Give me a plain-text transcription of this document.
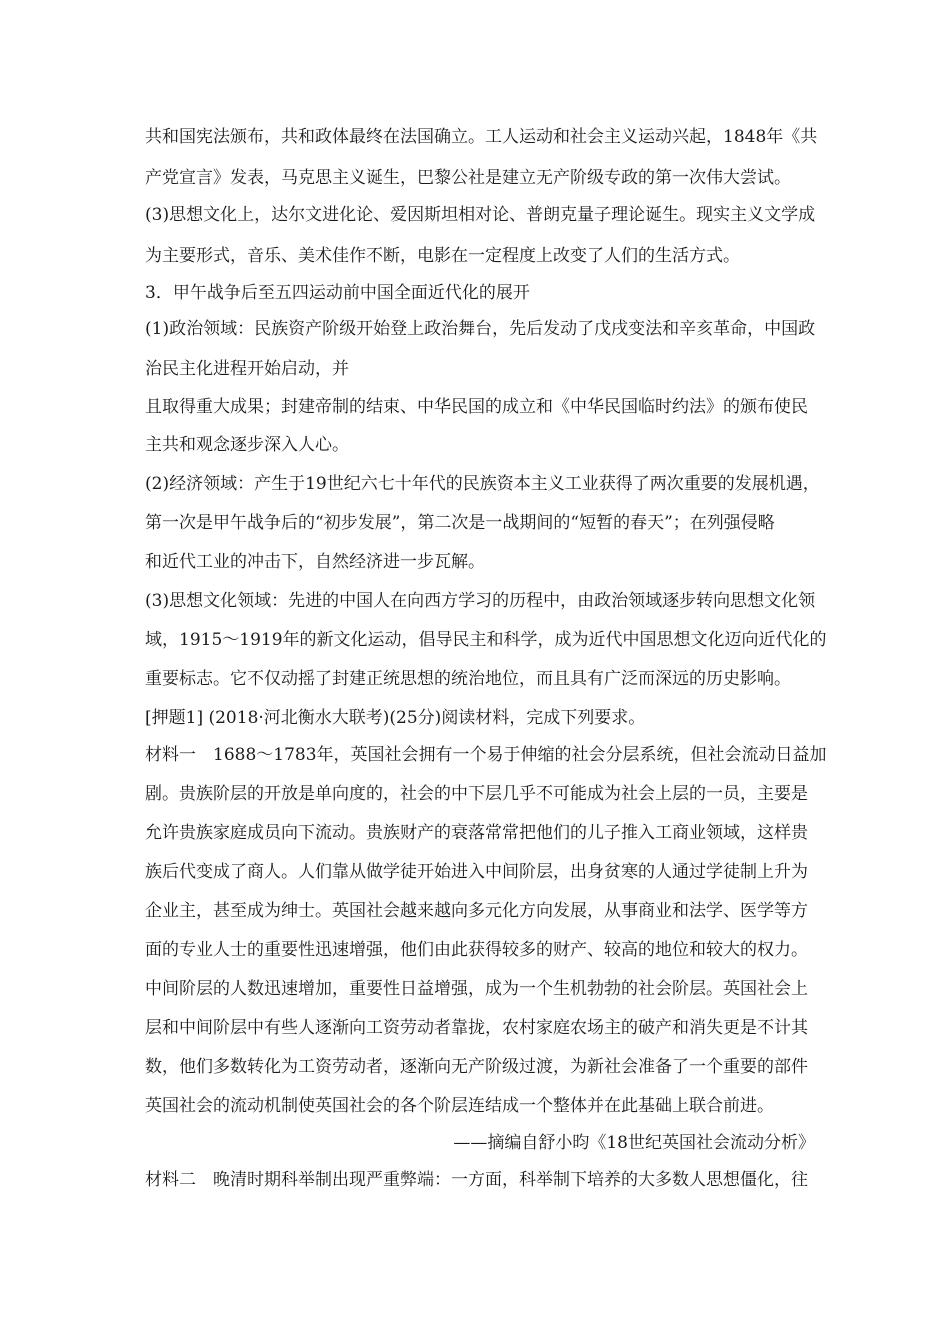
共和国宪法颁布，共和政体最终在法国确立。工人运动和社会主义运动兴起，1848年《共
产党宣言》发表，马克思主义诞生，巴黎公社是建立无产阶级专政的第一次伟大尝试。
(3)思想文化上，达尔文进化论、爱因斯坦相对论、普朗克量子理论诞生。现实主义文学成
为主要形式，音乐、美术佳作不断，电影在一定程度上改变了人们的生活方式。
3．甲午战争后至五四运动前中国全面近代化的展开
(1)政治领域：民族资产阶级开始登上政治舞台，先后发动了戊戌变法和辛亥革命，中国政
治民主化进程开始启动，并
且取得重大成果；封建帝制的结束、中华民国的成立和《中华民国临时约法》的颁布使民
主共和观念逐步深入人心。
(2)经济领域：产生于19世纪六七十年代的民族资本主义工业获得了两次重要的发展机遇，
第一次是甲午战争后的“初步发展”，第二次是一战期间的“短暂的春天”；在列强侵略
和近代工业的冲击下，自然经济进一步瓦解。
(3)思想文化领域：先进的中国人在向西方学习的历程中，由政治领域逐步转向思想文化领
域，1915～1919年的新文化运动，倡导民主和科学，成为近代中国思想文化迈向近代化的
重要标志。它不仅动摇了封建正统思想的统治地位，而且具有广泛而深远的历史影响。
[押题1] (2018·河北衡水大联考)(25分)阅读材料，完成下列要求。
材料一　1688～1783年，英国社会拥有一个易于伸缩的社会分层系统，但社会流动日益加
剧。贵族阶层的开放是单向度的，社会的中下层几乎不可能成为社会上层的一员，主要是
允许贵族家庭成员向下流动。贵族财产的衰落常常把他们的儿子推入工商业领域，这样贵
族后代变成了商人。人们靠从做学徒开始进入中间阶层，出身贫寒的人通过学徒制上升为
企业主，甚至成为绅士。英国社会越来越向多元化方向发展，从事商业和法学、医学等方
面的专业人士的重要性迅速增强，他们由此获得较多的财产、较高的地位和较大的权力。
中间阶层的人数迅速增加，重要性日益增强，成为一个生机勃勃的社会阶层。英国社会上
层和中间阶层中有些人逐渐向工资劳动者靠拢，农村家庭农场主的破产和消失更是不计其
数，他们多数转化为工资劳动者，逐渐向无产阶级过渡，为新社会准备了一个重要的部件
英国社会的流动机制使英国社会的各个阶层连结成一个整体并在此基础上联合前进。
——摘编自舒小昀《18世纪英国社会流动分析》
材料二　晚清时期科举制出现严重弊端：一方面，科举制下培养的大多数人思想僵化，往
